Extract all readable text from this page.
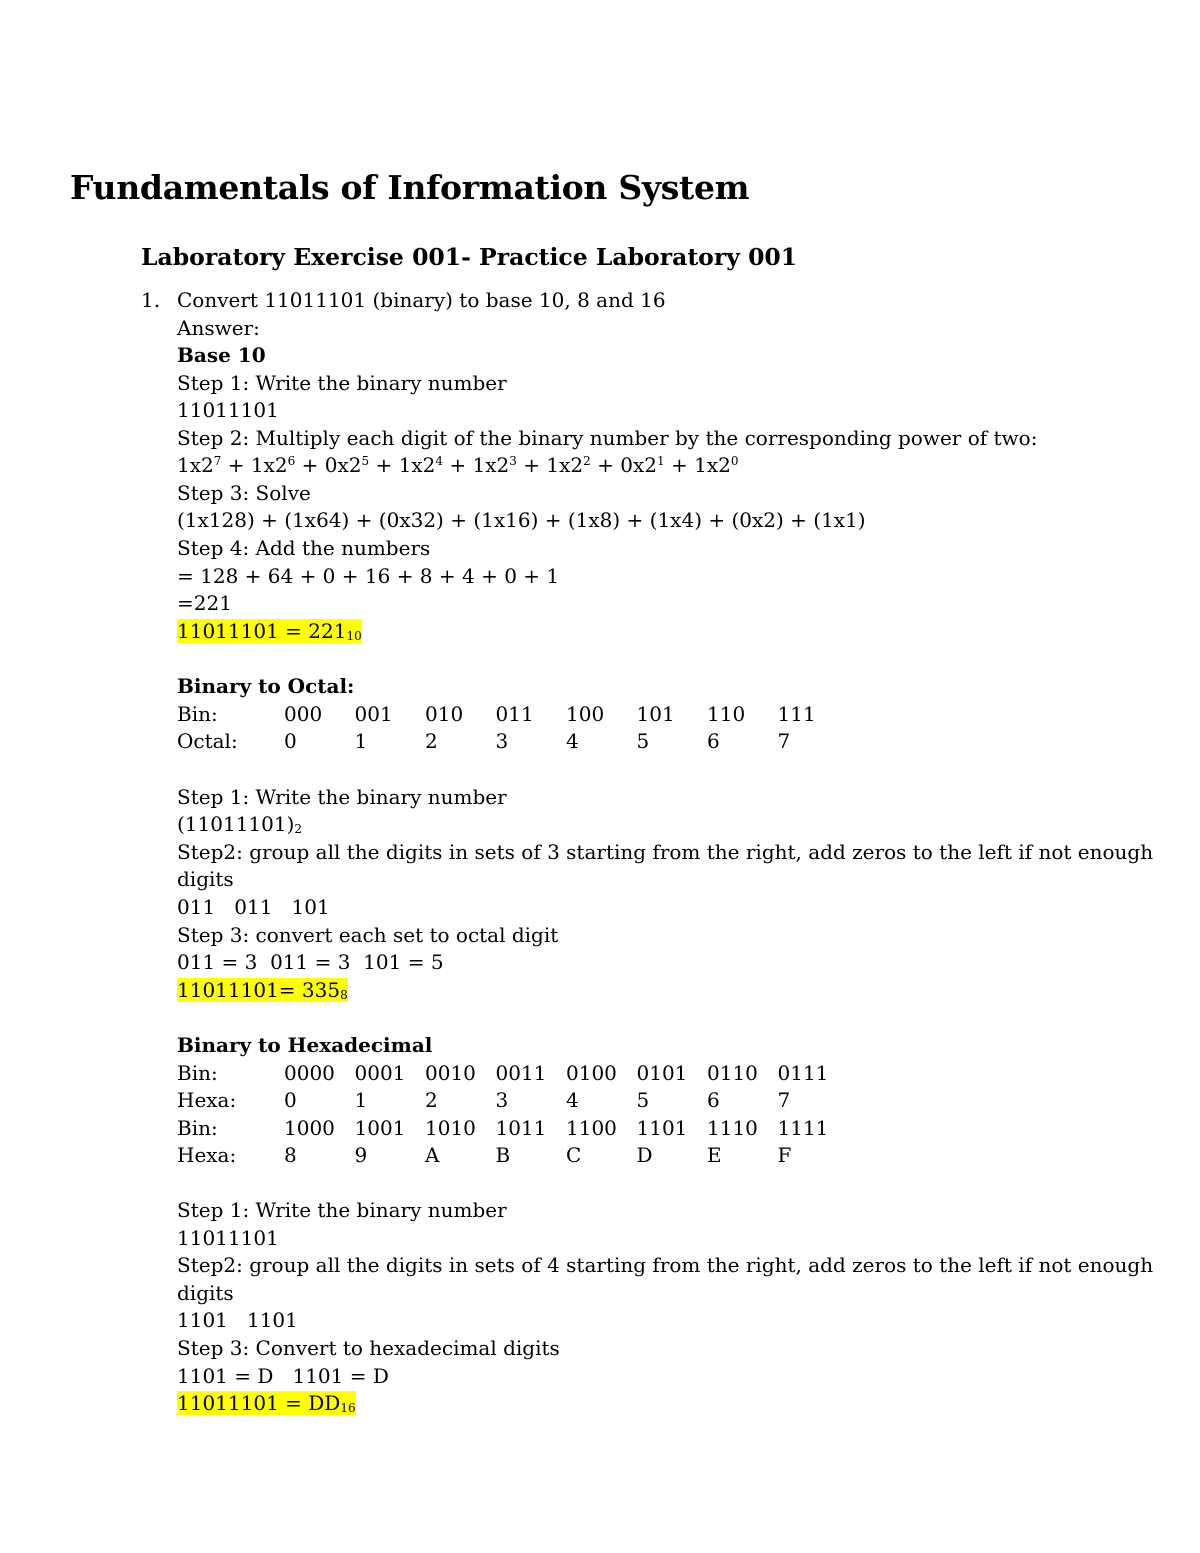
Fundamentals of Information System
Laboratory Exercise 001- Practice Laboratory 001
1. Convert 11011101 (binary) to base 10, 8 and 16
Answer:
Base 10
Step 1: Write the binary number
11011101
Step 2: Multiply each digit of the binary number by the corresponding power of two:
$1x2^7 + 1x2^6 + 0x2^5 + 1x2^4 + 1x2^3 + 1x2^2 + 0x2^1 + 1x2^0$
Step 3: Solve
(1x128) + (1x64) + (0x32) + (1x16) + (1x8) + (1x4) + (0x2) + (1x1)
Step 4: Add the numbers
= 128 + 64 + 0 + 16 + 8 + 4 + 0 + 1
=221
$11011101 = 221_{10}$
Binary to Octal:
Bin:	000	001	010	011	100	101	110	111
Octal:	0	1	2	3	4	5	6	7
Step 1: Write the binary number
$(11011101)_2$
Step2: group all the digits in sets of 3 starting from the right, add zeros to the left if not enough
digits
011   011   101
Step 3: convert each set to octal digit
011 = 3  011 = 3  101 = 5
$11011101= 335_8$
Binary to Hexadecimal
Bin:	0000	0001	0010	0011	0100	0101	0110	0111
Hexa:	0	1	2	3	4	5	6	7
Bin:	1000	1001	1010	1011	1100	1101	1110	1111
Hexa:	8	9	A	B	C	D	E	F
Step 1: Write the binary number
11011101
Step2: group all the digits in sets of 4 starting from the right, add zeros to the left if not enough
digits
1101   1101
Step 3: Convert to hexadecimal digits
1101 = D   1101 = D
$11011101 = DD_{16}$
